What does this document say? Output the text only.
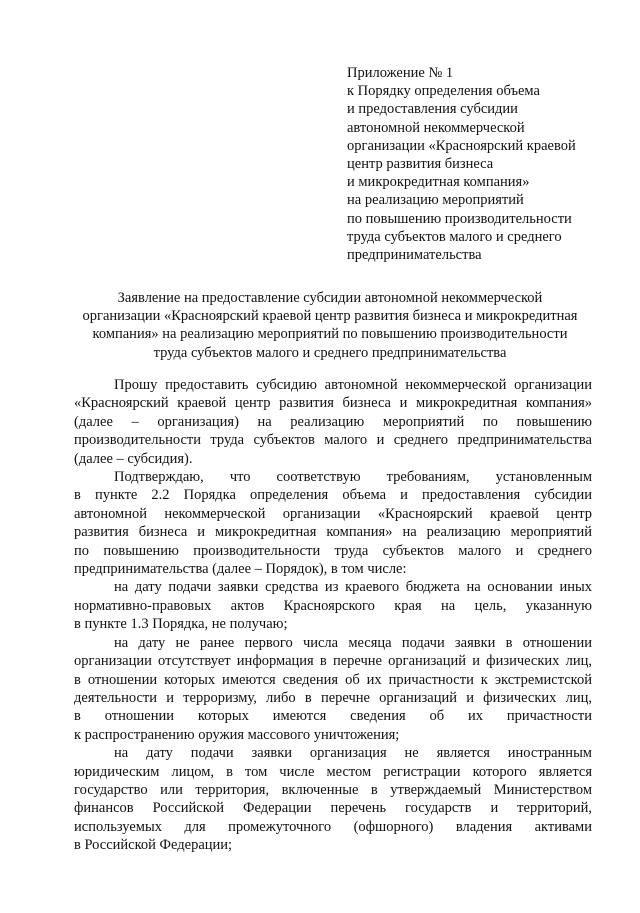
Приложение № 1
к Порядку определения объема
и предоставления субсидии
автономной некоммерческой
организации «Красноярский краевой
центр развития бизнеса
и микрокредитная компания»
на реализацию мероприятий
по повышению производительности
труда субъектов малого и среднего
предпринимательства
Заявление на предоставление субсидии автономной некоммерческой
организации «Красноярский краевой центр развития бизнеса и микрокредитная
компания» на реализацию мероприятий по повышению производительности
труда субъектов малого и среднего предпринимательства
Прошу предоставить субсидию автономной некоммерческой организации
«Красноярский краевой центр развития бизнеса и микрокредитная компания»
(далее – организация) на реализацию мероприятий по повышению
производительности труда субъектов малого и среднего предпринимательства
(далее – субсидия).
Подтверждаю, что соответствую требованиям, установленным
в пункте 2.2 Порядка определения объема и предоставления субсидии
автономной некоммерческой организации «Красноярский краевой центр
развития бизнеса и микрокредитная компания» на реализацию мероприятий
по повышению производительности труда субъектов малого и среднего
предпринимательства (далее – Порядок), в том числе:
на дату подачи заявки средства из краевого бюджета на основании иных
нормативно-правовых актов Красноярского края на цель, указанную
в пункте 1.3 Порядка, не получаю;
на дату не ранее первого числа месяца подачи заявки в отношении
организации отсутствует информация в перечне организаций и физических лиц,
в отношении которых имеются сведения об их причастности к экстремистской
деятельности и терроризму, либо в перечне организаций и физических лиц,
в отношении которых имеются сведения об их причастности
к распространению оружия массового уничтожения;
на дату подачи заявки организация не является иностранным
юридическим лицом, в том числе местом регистрации которого является
государство или территория, включенные в утверждаемый Министерством
финансов Российской Федерации перечень государств и территорий,
используемых для промежуточного (офшорного) владения активами
в Российской Федерации;
